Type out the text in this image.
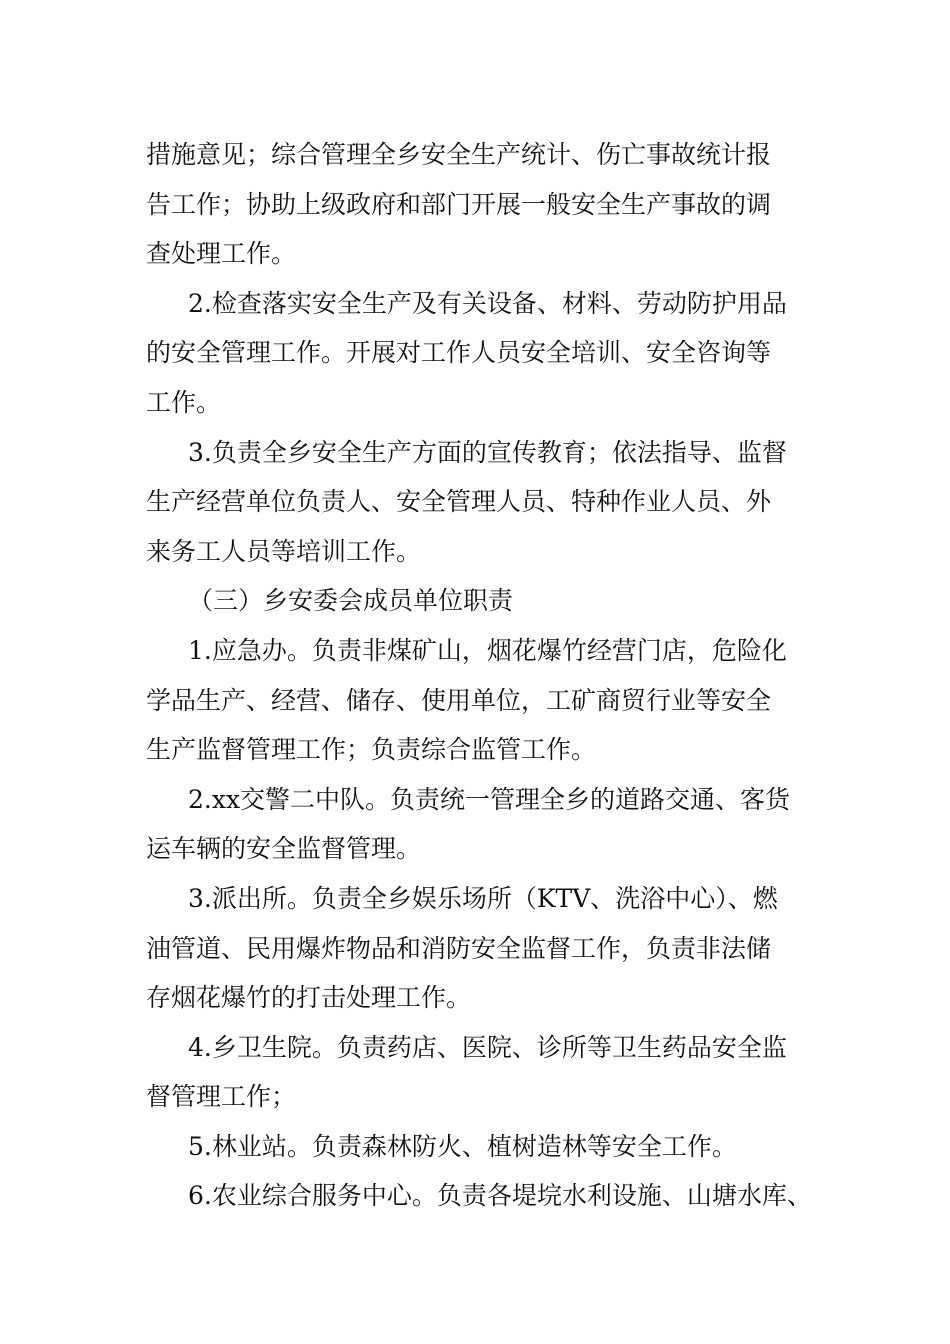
措施意见；综合管理全乡安全生产统计、伤亡事故统计报
告工作；协助上级政府和部门开展一般安全生产事故的调
查处理工作。
2.检查落实安全生产及有关设备、材料、劳动防护用品
的安全管理工作。开展对工作人员安全培训、安全咨询等
工作。
3.负责全乡安全生产方面的宣传教育；依法指导、监督
生产经营单位负责人、安全管理人员、特种作业人员、外
来务工人员等培训工作。
（三）乡安委会成员单位职责
1.应急办。负责非煤矿山，烟花爆竹经营门店，危险化
学品生产、经营、储存、使用单位，工矿商贸行业等安全
生产监督管理工作；负责综合监管工作。
2.xx交警二中队。负责统一管理全乡的道路交通、客货
运车辆的安全监督管理。
3.派出所。负责全乡娱乐场所（KTV、洗浴中心）、燃
油管道、民用爆炸物品和消防安全监督工作，负责非法储
存烟花爆竹的打击处理工作。
4.乡卫生院。负责药店、医院、诊所等卫生药品安全监
督管理工作；
5.林业站。负责森林防火、植树造林等安全工作。
6.农业综合服务中心。负责各堤垸水利设施、山塘水库、
